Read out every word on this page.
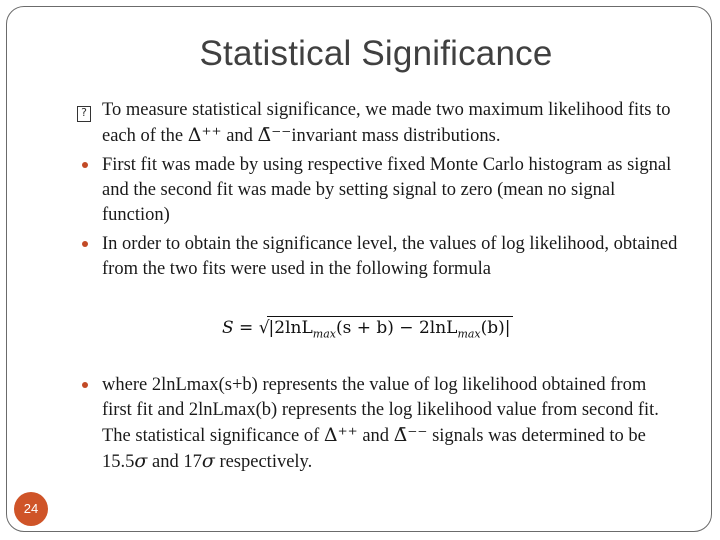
Statistical Significance
? To measure statistical significance, we made two maximum likelihood fits to each of the Δ⁺⁺ and Δ̄⁻⁻invariant mass distributions.
First fit was made by using respective fixed Monte Carlo histogram as signal and the second fit was made by setting signal to zero (mean no signal function)
In order to obtain the significance level, the values of log likelihood, obtained from the two fits were used in the following formula
S = √|2lnL$_{max}$(s + b) − 2lnL$_{max}$(b)|
where 2lnLmax(s+b) represents the value of log likelihood obtained from first fit and 2lnLmax(b) represents the log likelihood value from second fit. The statistical significance of Δ⁺⁺ and Δ̄⁻⁻ signals was determined to be 15.5σ and 17σ respectively.
24
